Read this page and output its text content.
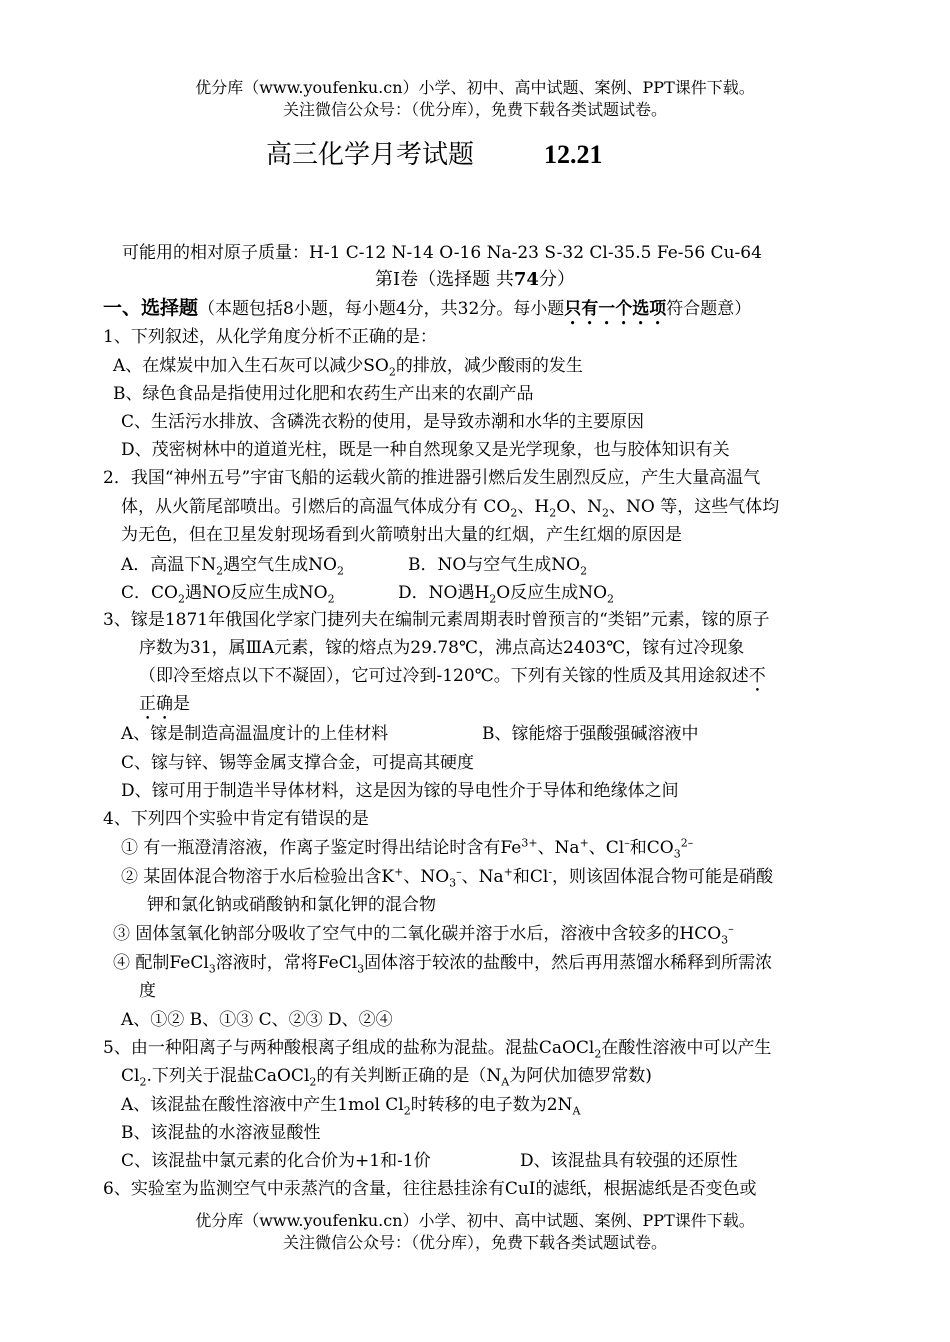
优分库（www.youfenku.cn）小学、初中、高中试题、案例、PPT课件下载。
关注微信公众号：（优分库），免费下载各类试题试卷。
高三化学月考试题	12.21
可能用的相对原子质量：H-1 C-12 N-14 O-16 Na-23 S-32 Cl-35.5 Fe-56 Cu-64
第Ⅰ卷（选择题 共74分）
一、选择题（本题包括8小题，每小题4分，共32分。每小题只有一个选项符合题意）
1、下列叙述，从化学角度分析不正确的是：
A、在煤炭中加入生石灰可以减少$SO_2$的排放，减少酸雨的发生
B、绿色食品是指使用过化肥和农药生产出来的农副产品
C、生活污水排放、含磷洗衣粉的使用，是导致赤潮和水华的主要原因
D、茂密树林中的道道光柱，既是一种自然现象又是光学现象，也与胶体知识有关
2．我国“神州五号”宇宙飞船的运载火箭的推进器引燃后发生剧烈反应，产生大量高温气
体，从火箭尾部喷出。引燃后的高温气体成分有 $CO_2$、$H_2O$、$N_2$、NO 等，这些气体均
为无色，但在卫星发射现场看到火箭喷射出大量的红烟，产生红烟的原因是
A．高温下$N_2$遇空气生成$NO_2$	B．NO与空气生成$NO_2$
C．$CO_2$遇NO反应生成$NO_2$	D．NO遇$H_2O$反应生成$NO_2$
3、镓是1871年俄国化学家门捷列夫在编制元素周期表时曾预言的“类铝”元素，镓的原子
序数为31，属ⅢA元素，镓的熔点为29.78℃，沸点高达2403℃，镓有过冷现象
（即冷至熔点以下不凝固），它可过冷到-120℃。下列有关镓的性质及其用途叙述不
正确是
A、镓是制造高温温度计的上佳材料	B、镓能熔于强酸强碱溶液中
C、镓与锌、锡等金属支撑合金，可提高其硬度
D、镓可用于制造半导体材料，这是因为镓的导电性介于导体和绝缘体之间
4、下列四个实验中肯定有错误的是
① 有一瓶澄清溶液，作离子鉴定时得出结论时含有$Fe^{3+}$、Na+、Cl–和$CO_3^{2-}$
② 某固体混合物溶于水后检验出含K+、$NO_3^-$、Na+和Cl-，则该固体混合物可能是硝酸
钾和氯化钠或硝酸钠和氯化钾的混合物
③ 固体氢氧化钠部分吸收了空气中的二氧化碳并溶于水后，溶液中含较多的$HCO_3^-$
④ 配制FeCl$_3$溶液时，常将FeCl$_3$固体溶于较浓的盐酸中，然后再用蒸馏水稀释到所需浓
度
A、①② B、①③ C、②③ D、②④
5、由一种阳离子与两种酸根离子组成的盐称为混盐。混盐CaOCl$_2$在酸性溶液中可以产生
$Cl_2$.下列关于混盐CaOCl$_2$的有关判断正确的是（$N_A$为阿伏加德罗常数)
A、该混盐在酸性溶液中产生1mol $Cl_2$时转移的电子数为$2N_A$
B、该混盐的水溶液显酸性
C、该混盐中氯元素的化合价为+1和-1价	D、该混盐具有较强的还原性
6、实验室为监测空气中汞蒸汽的含量，往往悬挂涂有CuI的滤纸，根据滤纸是否变色或
优分库（www.youfenku.cn）小学、初中、高中试题、案例、PPT课件下载。
关注微信公众号：（优分库），免费下载各类试题试卷。
